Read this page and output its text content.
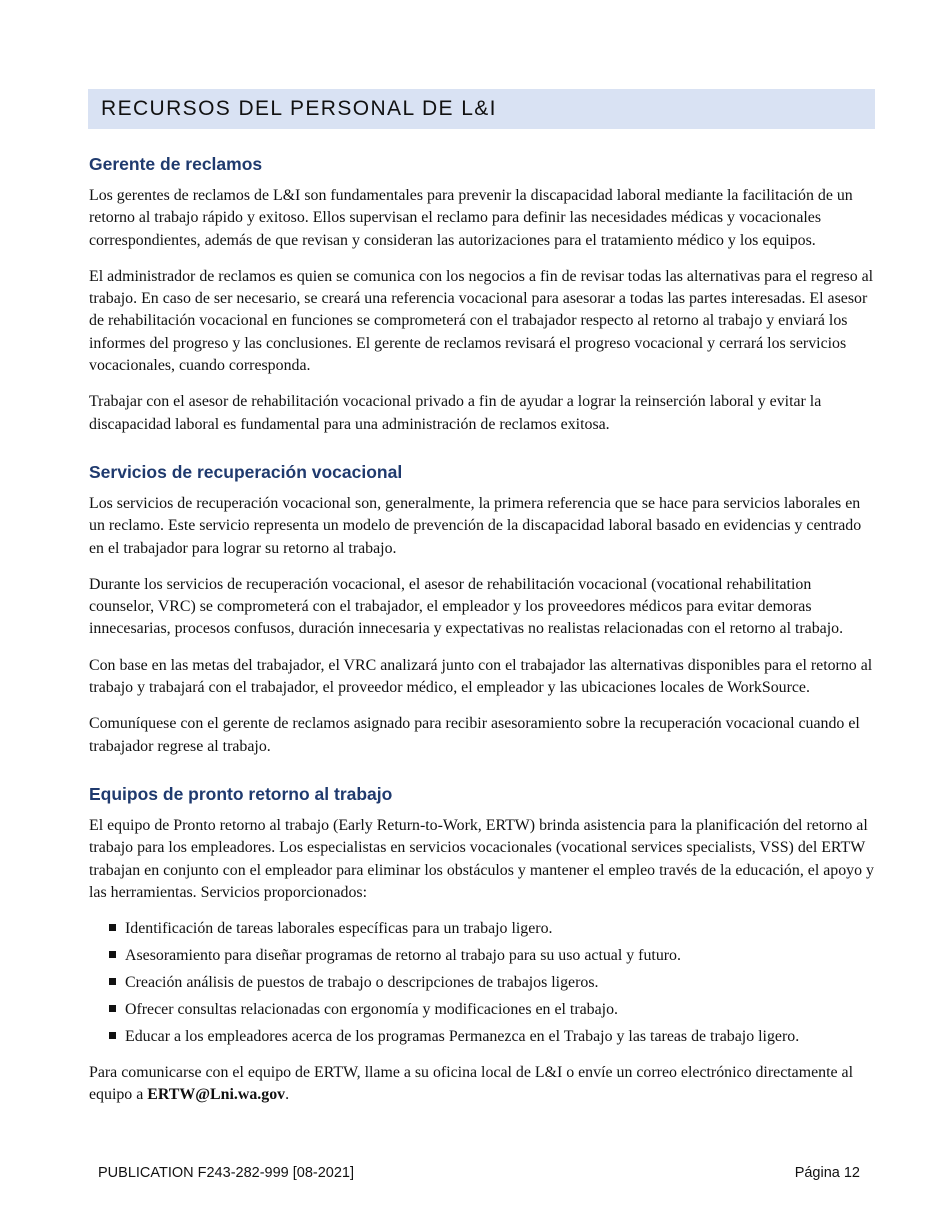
RECURSOS DEL PERSONAL DE L&I
Gerente de reclamos

Los gerentes de reclamos de L&I son fundamentales para prevenir la discapacidad laboral mediante la facilitación de un retorno al trabajo rápido y exitoso. Ellos supervisan el reclamo para definir las necesidades médicas y vocacionales correspondientes, además de que revisan y consideran las autorizaciones para el tratamiento médico y los equipos.

El administrador de reclamos es quien se comunica con los negocios a fin de revisar todas las alternativas para el regreso al trabajo. En caso de ser necesario, se creará una referencia vocacional para asesorar a todas las partes interesadas. El asesor de rehabilitación vocacional en funciones se comprometerá con el trabajador respecto al retorno al trabajo y enviará los informes del progreso y las conclusiones. El gerente de reclamos revisará el progreso vocacional y cerrará los servicios vocacionales, cuando corresponda.

Trabajar con el asesor de rehabilitación vocacional privado a fin de ayudar a lograr la reinserción laboral y evitar la discapacidad laboral es fundamental para una administración de reclamos exitosa.

Servicios de recuperación vocacional

Los servicios de recuperación vocacional son, generalmente, la primera referencia que se hace para servicios laborales en un reclamo. Este servicio representa un modelo de prevención de la discapacidad laboral basado en evidencias y centrado en el trabajador para lograr su retorno al trabajo.

Durante los servicios de recuperación vocacional, el asesor de rehabilitación vocacional (vocational rehabilitation counselor, VRC) se comprometerá con el trabajador, el empleador y los proveedores médicos para evitar demoras innecesarias, procesos confusos, duración innecesaria y expectativas no realistas relacionadas con el retorno al trabajo.

Con base en las metas del trabajador, el VRC analizará junto con el trabajador las alternativas disponibles para el retorno al trabajo y trabajará con el trabajador, el proveedor médico, el empleador y las ubicaciones locales de WorkSource.

Comuníquese con el gerente de reclamos asignado para recibir asesoramiento sobre la recuperación vocacional cuando el trabajador regrese al trabajo.

Equipos de pronto retorno al trabajo

El equipo de Pronto retorno al trabajo (Early Return-to-Work, ERTW) brinda asistencia para la planificación del retorno al trabajo para los empleadores. Los especialistas en servicios vocacionales (vocational services specialists, VSS) del ERTW trabajan en conjunto con el empleador para eliminar los obstáculos y mantener el empleo través de la educación, el apoyo y las herramientas. Servicios proporcionados:

Identificación de tareas laborales específicas para un trabajo ligero.
Asesoramiento para diseñar programas de retorno al trabajo para su uso actual y futuro.
Creación análisis de puestos de trabajo o descripciones de trabajos ligeros.
Ofrecer consultas relacionadas con ergonomía y modificaciones en el trabajo.
Educar a los empleadores acerca de los programas Permanezca en el Trabajo y las tareas de trabajo ligero.

Para comunicarse con el equipo de ERTW, llame a su oficina local de L&I o envíe un correo electrónico directamente al equipo a ERTW@Lni.wa.gov.

PUBLICATION F243-282-999 [08-2021]	Página 12
